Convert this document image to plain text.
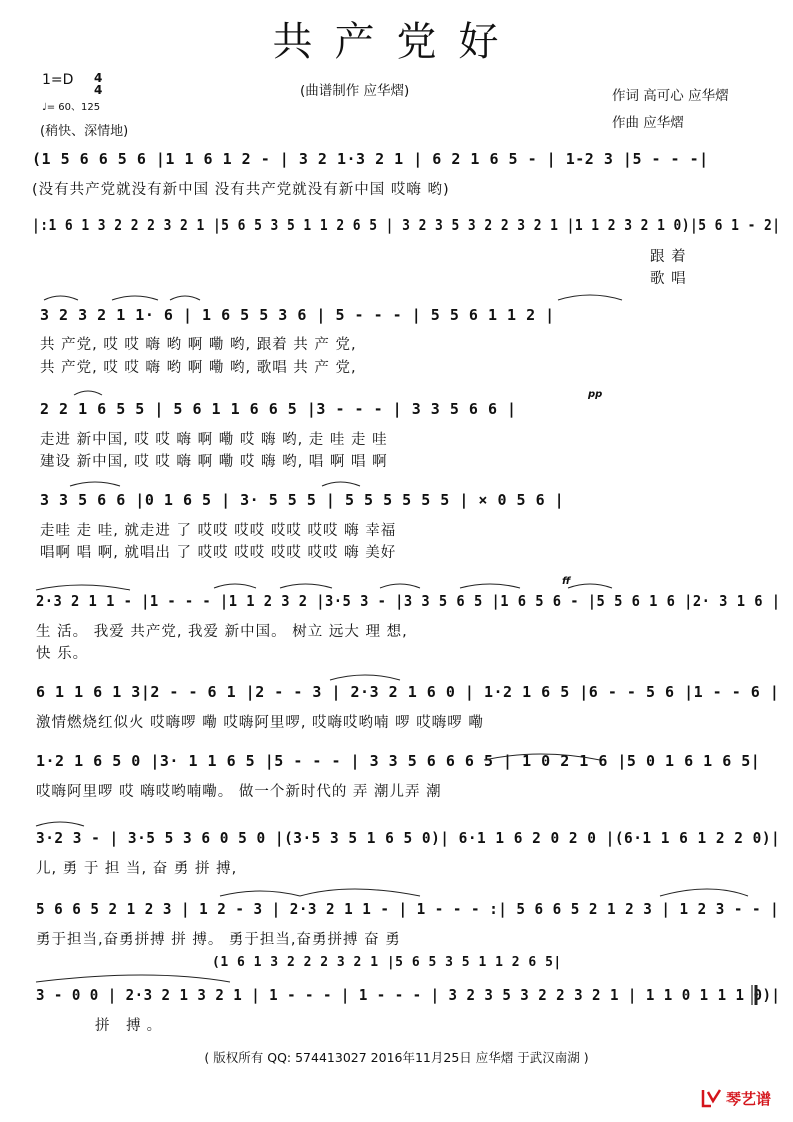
共产党好
1=D 4
4
♩= 60、125
(稍快、深情地)
(曲谱制作 应华熠)	作词 高可心 应华熠
作曲 应华熠
(1 5 6 6 5 6 |1 1 6 1 2 - | 3 2 1·3 2 1 | 6 2 1 6 5 - | 1-2 3 |5 - - -|
(没有共产党就没有新中国 没有共产党就没有新中国 哎嗨 哟)
|:1 6 1 3 2 2 2 3 2 1 |5 6 5 3 5 1 1 2 6 5 | 3 2 3 5 3 2 2 3 2 1 |1 1 2 3 2 1 0)|5 6 1 - 2|
跟 着
歌 唱
3 2 3 2 1 1· 6 | 1 6 5 5 3 6 | 5 - - - | 5 5 6 1 1 2 |
共 产党, 哎 哎 嗨 哟 啊 嘞 哟, 跟着 共 产 党,
共 产党, 哎 哎 嗨 哟 啊 嘞 哟, 歌唱 共 产 党,
pp
2 2 1 6 5 5 | 5 6 1 1 6 6 5 |3 - - - | 3 3 5 6 6 |
走进 新中国, 哎 哎 嗨 啊 嘞 哎 嗨 哟, 走 哇 走 哇
建设 新中国, 哎 哎 嗨 啊 嘞 哎 嗨 哟, 唱 啊 唱 啊
3 3 5 6 6 |0 1 6 5 | 3· 5 5 5 | 5 5 5 5 5 5 | × 0 5 6 |
走哇 走 哇, 就走进 了 哎哎 哎哎 哎哎 哎哎 嗨 幸福
唱啊 唱 啊, 就唱出 了 哎哎 哎哎 哎哎 哎哎 嗨 美好
ff
2·3 2 1 1 - |1 - - - |1 1 2 3 2 |3·5 3 - |3 3 5 6 5 |1 6 5 6 - |5 5 6 1 6 |2· 3 1 6 |
生 活。 我爱 共产党, 我爱 新中国。 树立 远大 理 想,
快 乐。
6 1 1 6 1 3|2 - - 6 1 |2 - - 3 | 2·3 2 1 6 0 | 1·2 1 6 5 |6 - - 5 6 |1 - - 6 |
激情燃烧红似火 哎嗨啰 嘞 哎嗨阿里啰, 哎嗨哎哟喃 啰 哎嗨啰 嘞
1·2 1 6 5 0 |3· 1 1 6 5 |5 - - - | 3 3 5 6 6 6 5 | 1 0 2 1 6 |5 0 1 6 1 6 5|
哎嗨阿里啰 哎 嗨哎哟喃嘞。 做一个新时代的 弄 潮儿弄 潮
3·2 3 - | 3·5 5 3 6 0 5 0 |(3·5 3 5 1 6 5 0)| 6·1 1 6 2 0 2 0 |(6·1 1 6 1 2 2 0)|
儿, 勇 于 担 当, 奋 勇 拼 搏,
5 6 6 5 2 1 2 3 | 1 2 - 3 | 2·3 2 1 1 - | 1 - - - :| 5 6 6 5 2 1 2 3 | 1 2 3 - - |
勇于担当,奋勇拼搏 拼 搏。 勇于担当,奋勇拼搏 奋 勇
(1 6 1 3 2 2 2 3 2 1 |5 6 5 3 5 1 1 2 6 5|
3 - 0 0 | 2·3 2 1 3 2 1 | 1 - - - | 1 - - - | 3 2 3 5 3 2 2 3 2 1 | 1 1 0 1 1 1 0)|
拼 搏。
( 版权所有 QQ: 574413027 2016年11月25日 应华熠 于武汉南湖 )
琴艺谱
